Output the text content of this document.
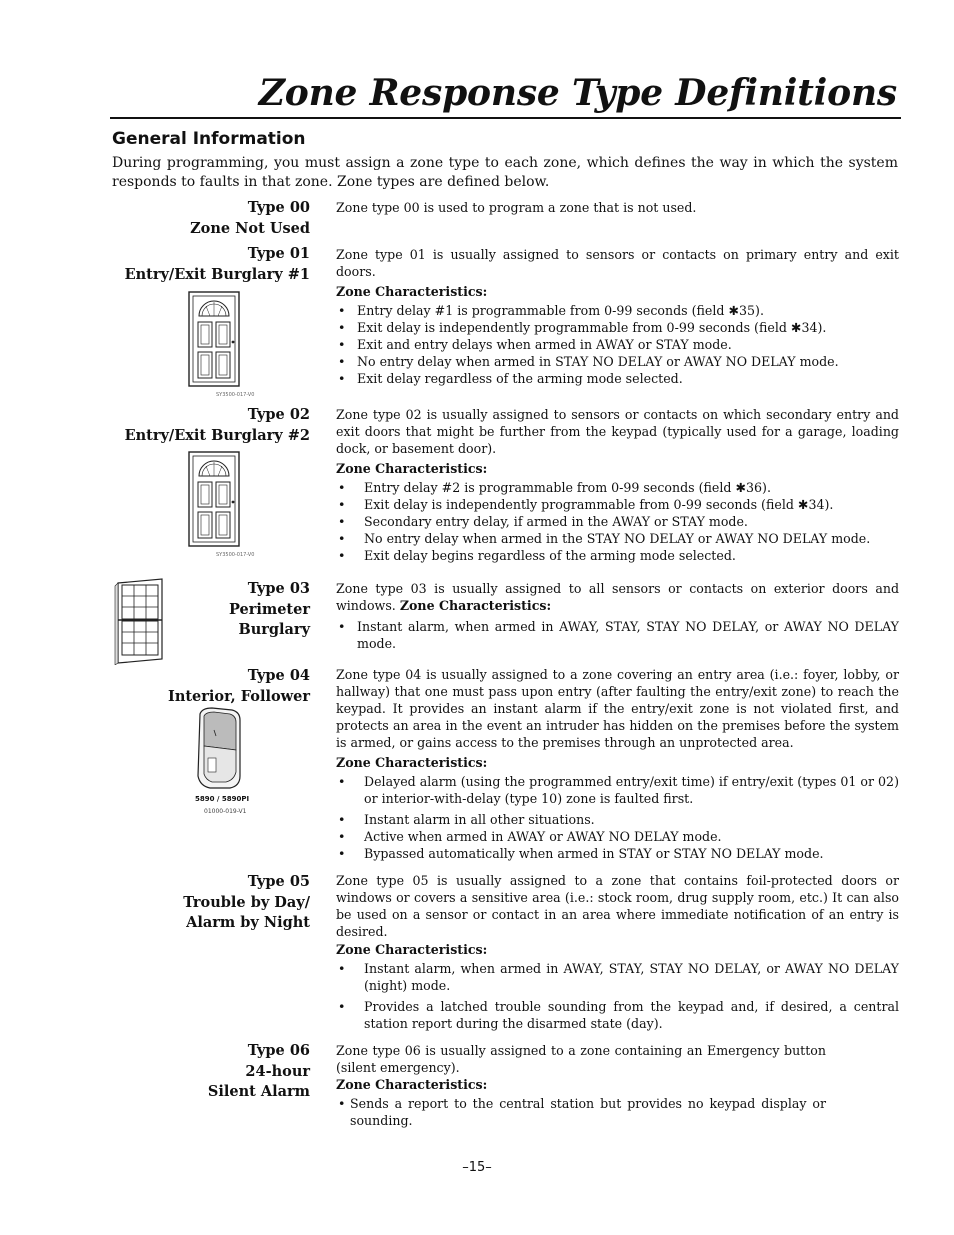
Zone Response Type Definitions
General Information

During programming, you must assign a zone type to each zone, which defines the way in which the system responds to faults in that zone. Zone types are defined below.

Type 00
Zone Not Used

Zone type 00 is used to program a zone that is not used.

Type 01
Entry/Exit Burglary #1
SY3500-017-V0

Zone type 01 is usually assigned to sensors or contacts on primary entry and exit doors.

Zone Characteristics:

• Entry delay #1 is programmable from 0-99 seconds (field ✱35).
• Exit delay is independently programmable from 0-99 seconds (field ✱34).
• Exit and entry delays when armed in AWAY or STAY mode.
• No entry delay when armed in STAY NO DELAY or AWAY NO DELAY mode.
• Exit delay regardless of the arming mode selected.
Type 02
Entry/Exit Burglary #2
SY3500-017-V0

Zone type 02 is usually assigned to sensors or contacts on which secondary entry and exit doors that might be further from the keypad (typically used for a garage, loading dock, or basement door).

Zone Characteristics:

• Entry delay #2 is programmable from 0-99 seconds (field ✱36).
• Exit delay is independently programmable from 0-99 seconds (field ✱34).
• Secondary entry delay, if armed in the AWAY or STAY mode.
• No entry delay when armed in the STAY NO DELAY or AWAY NO DELAY mode.
• Exit delay begins regardless of the arming mode selected.
Type 03
Perimeter
Burglary

Zone type 03 is usually assigned to all sensors or contacts on exterior doors and windows. Zone Characteristics:

• Instant alarm, when armed in AWAY, STAY, STAY NO DELAY, or AWAY NO DELAY mode.
Type 04
Interior, Follower
5890 / 5890PI
01000-019-V1

Zone type 04 is usually assigned to a zone covering an entry area (i.e.: foyer, lobby, or hallway) that one must pass upon entry (after faulting the entry/exit zone) to reach the keypad. It provides an instant alarm if the entry/exit zone is not violated first, and protects an area in the event an intruder has hidden on the premises before the system is armed, or gains access to the premises through an unprotected area.

Zone Characteristics:

• Delayed alarm (using the programmed entry/exit time) if entry/exit (types 01 or 02) or interior-with-delay (type 10) zone is faulted first.
• Instant alarm in all other situations.
• Active when armed in AWAY or AWAY NO DELAY mode.
• Bypassed automatically when armed in STAY or STAY NO DELAY mode.
Type 05
Trouble by Day/
Alarm by Night

Zone type 05 is usually assigned to a zone that contains foil-protected doors or windows or covers a sensitive area (i.e.: stock room, drug supply room, etc.) It can also be used on a sensor or contact in an area where immediate notification of an entry is desired.

Zone Characteristics:

• Instant alarm, when armed in AWAY, STAY, STAY NO DELAY, or AWAY NO DELAY (night) mode.
• Provides a latched trouble sounding from the keypad and, if desired, a central station report during the disarmed state (day).
Type 06
24-hour
Silent Alarm

Zone type 06 is usually assigned to a zone containing an Emergency button (silent emergency).

Zone Characteristics:

• Sends a report to the central station but provides no keypad display or sounding.
–15–
